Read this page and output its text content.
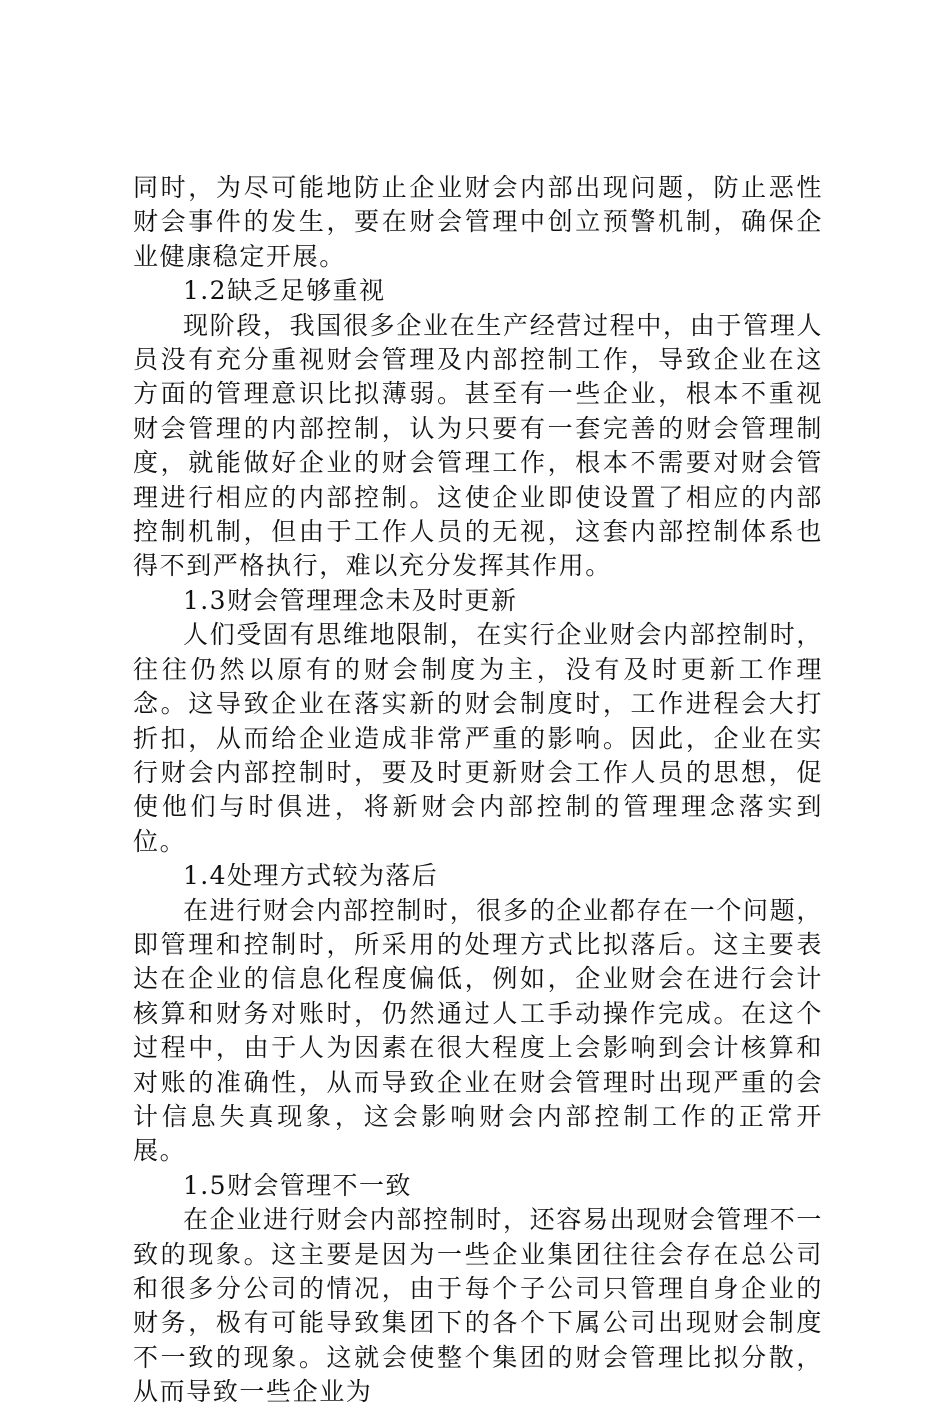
同时，为尽可能地防止企业财会内部出现问题，防止恶性财会事件的发生，要在财会管理中创立预警机制，确保企业健康稳定开展。

1.2缺乏足够重视

现阶段，我国很多企业在生产经营过程中，由于管理人员没有充分重视财会管理及内部控制工作，导致企业在这方面的管理意识比拟薄弱。甚至有一些企业，根本不重视财会管理的内部控制，认为只要有一套完善的财会管理制度，就能做好企业的财会管理工作，根本不需要对财会管理进行相应的内部控制。这使企业即使设置了相应的内部控制机制，但由于工作人员的无视，这套内部控制体系也得不到严格执行，难以充分发挥其作用。

1.3财会管理理念未及时更新

人们受固有思维地限制，在实行企业财会内部控制时，往往仍然以原有的财会制度为主，没有及时更新工作理念。这导致企业在落实新的财会制度时，工作进程会大打折扣，从而给企业造成非常严重的影响。因此，企业在实行财会内部控制时，要及时更新财会工作人员的思想，促使他们与时俱进，将新财会内部控制的管理理念落实到位。

1.4处理方式较为落后

在进行财会内部控制时，很多的企业都存在一个问题，即管理和控制时，所采用的处理方式比拟落后。这主要表达在企业的信息化程度偏低，例如，企业财会在进行会计核算和财务对账时，仍然通过人工手动操作完成。在这个过程中，由于人为因素在很大程度上会影响到会计核算和对账的准确性，从而导致企业在财会管理时出现严重的会计信息失真现象，这会影响财会内部控制工作的正常开展。

1.5财会管理不一致

在企业进行财会内部控制时，还容易出现财会管理不一致的现象。这主要是因为一些企业集团往往会存在总公司和很多分公司的情况，由于每个子公司只管理自身企业的财务，极有可能导致集团下的各个下属公司出现财会制度不一致的现象。这就会使整个集团的财会管理比拟分散，从而导致一些企业为
